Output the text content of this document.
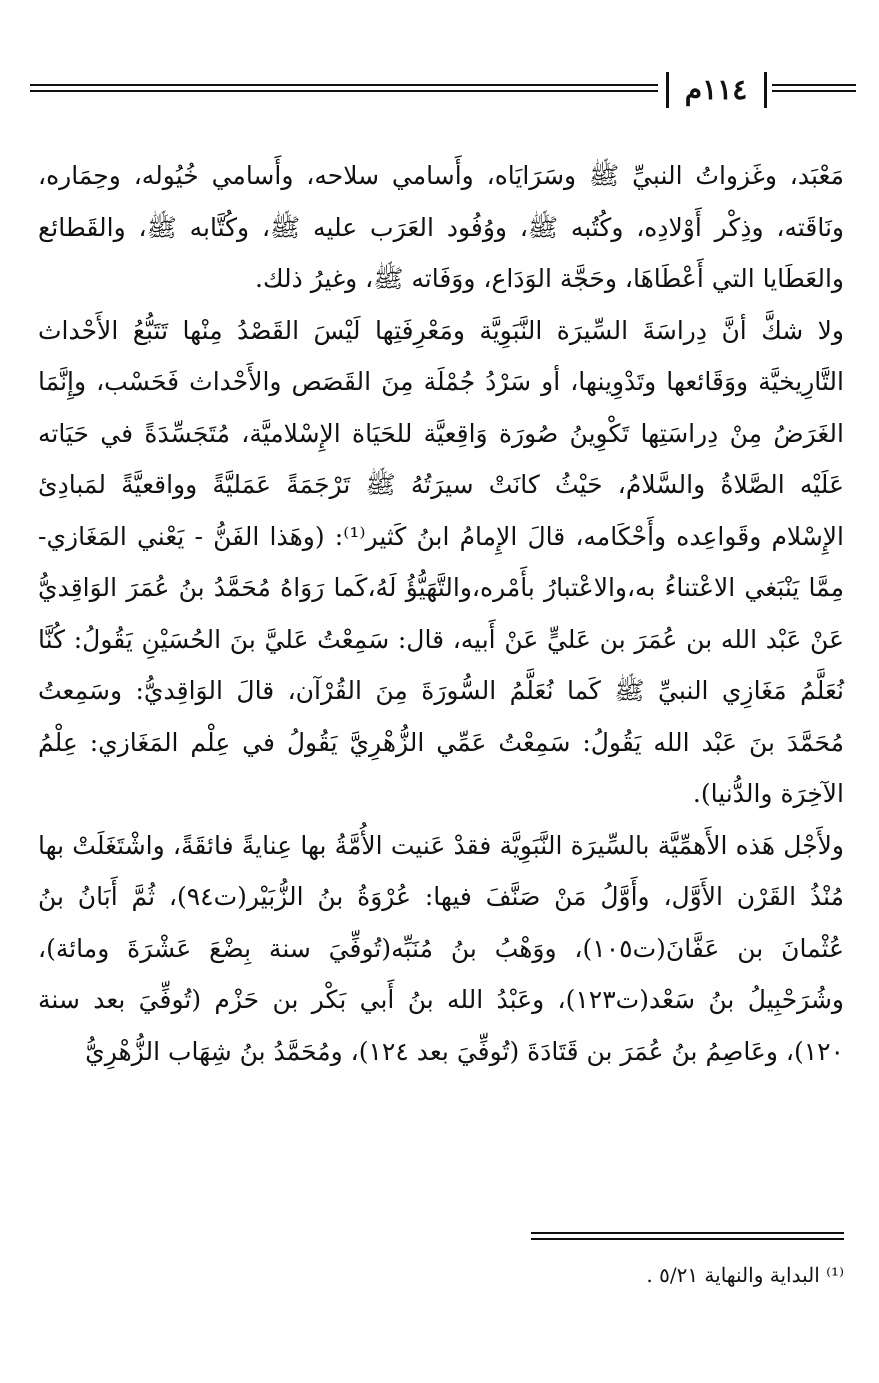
١١٤م

مَعْبَد، وغَزواتُ النبيِّ ﷺ وسَرَايَاه، وأَسامي سلاحه، وأَسامي خُيُوله، وحِمَاره، ونَاقَته، وذِكْر أَوْلادِه، وكُتُبه ﷺ، ووُفُود العَرَب عليه ﷺ، وكُتَّابه ﷺ، والقَطائع والعَطَايا التي أَعْطَاهَا، وحَجَّة الوَدَاع، ووَفَاته ﷺ، وغيرُ ذلك.

ولا شكَّ أنَّ دِراسَةَ السِّيرَة النَّبَوِيَّة ومَعْرِفَتِها لَيْسَ القَصْدُ مِنْها تَتَبُّعُ الأَحْداث التَّارِيخيَّة ووَقَائعها وتَدْوِينها، أو سَرْدُ جُمْلَة مِنَ القَصَص والأَحْداث فَحَسْب، وإِنَّمَا الغَرَضُ مِنْ دِراسَتِها تَكْوِينُ صُورَة وَاقِعيَّة للحَيَاة الإِسْلاميَّة، مُتَجَسِّدَةً في حَيَاته عَلَيْه الصَّلاةُ والسَّلامُ، حَيْثُ كانَتْ سيرَتُهُ ﷺ تَرْجَمَةً عَمَليَّةً وواقعيَّةً لمَبادِئ الإِسْلام وقَواعِده وأَحْكَامه، قالَ الإِمامُ ابنُ كَثير⁽¹⁾: (وهَذا الفَنُّ - يَعْني المَغَازي- مِمَّا يَنْبَغي الاعْتناءُ به،والاعْتبارُ بأَمْره،والتَّهَيُّؤُ لَهُ،كَما رَوَاهُ مُحَمَّدُ بنُ عُمَرَ الوَاقِديُّ عَنْ عَبْد الله بن عُمَرَ بن عَليٍّ عَنْ أَبيه، قال: سَمِعْتُ عَليَّ بنَ الحُسَيْنِ يَقُولُ: كُنَّا نُعَلَّمُ مَغَازِي النبيِّ ﷺ كَما نُعَلَّمُ السُّورَةَ مِنَ القُرْآن، قالَ الوَاقِديُّ: وسَمِعتُ مُحَمَّدَ بنَ عَبْد الله يَقُولُ: سَمِعْتُ عَمِّي الزُّهْرِيَّ يَقُولُ في عِلْم المَغَازي: عِلْمُ الآخِرَة والدُّنيا).

ولأَجْل هَذه الأَهمِّيَّة بالسِّيرَة النَّبَوِيَّة فقدْ عَنيت الأُمَّةُ بها عِنايةً فائقَةً، واشْتَغَلَتْ بها مُنْذُ القَرْن الأَوَّل، وأَوَّلُ مَنْ صَنَّفَ فيها: عُرْوَةُ بنُ الزُّبَيْر(ت٩٤)، ثُمَّ أَبَانُ بنُ عُثْمانَ بن عَفَّانَ(ت١٠٥)، ووَهْبُ بنُ مُنَبِّه(تُوفِّيَ سنة بِضْعَ عَشْرَةَ ومائة)، وشُرَحْبِيلُ بنُ سَعْد(ت١٢٣)، وعَبْدُ الله بنُ أَبي بَكْر بن حَزْم (تُوفِّيَ بعد سنة ١٢٠)، وعَاصِمُ بنُ عُمَرَ بن قَتَادَةَ (تُوفِّيَ بعد ١٢٤)، ومُحَمَّدُ بنُ شِهَاب الزُّهْرِيُّ

⁽¹⁾ البداية والنهاية ٥/٢١ .
